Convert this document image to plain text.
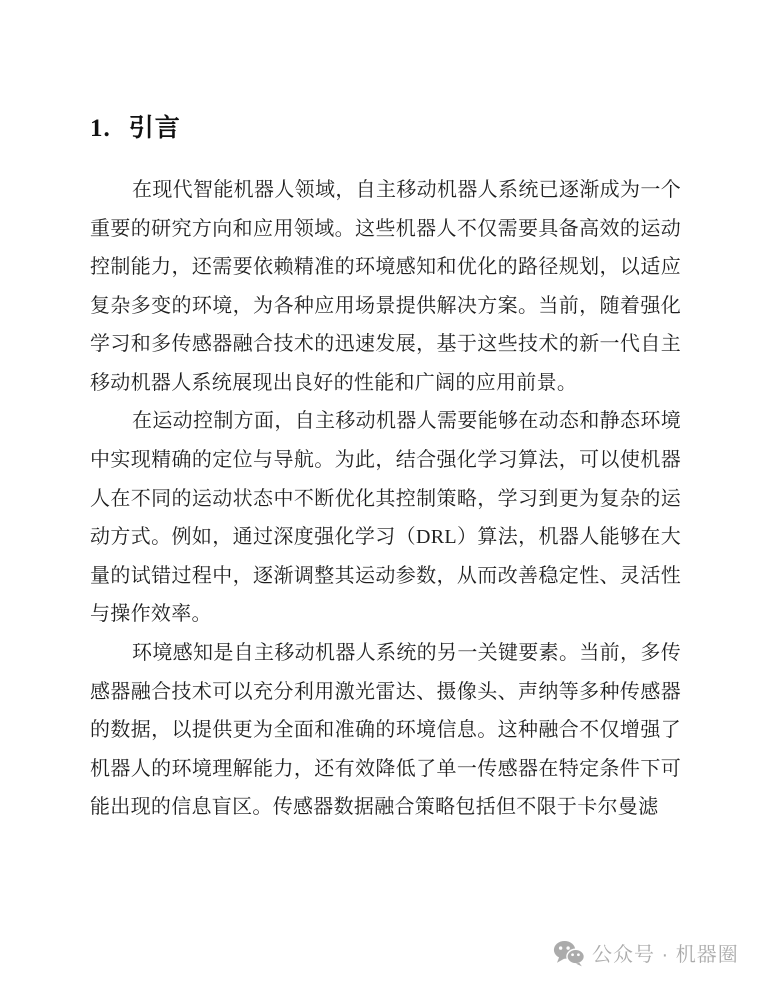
1. 引言
在现代智能机器人领域，自主移动机器人系统已逐渐成为一个
重要的研究方向和应用领域。这些机器人不仅需要具备高效的运动
控制能力，还需要依赖精准的环境感知和优化的路径规划，以适应
复杂多变的环境，为各种应用场景提供解决方案。当前，随着强化
学习和多传感器融合技术的迅速发展，基于这些技术的新一代自主
移动机器人系统展现出良好的性能和广阔的应用前景。
在运动控制方面，自主移动机器人需要能够在动态和静态环境
中实现精确的定位与导航。为此，结合强化学习算法，可以使机器
人在不同的运动状态中不断优化其控制策略，学习到更为复杂的运
动方式。例如，通过深度强化学习（DRL）算法，机器人能够在大
量的试错过程中，逐渐调整其运动参数，从而改善稳定性、灵活性
与操作效率。
环境感知是自主移动机器人系统的另一关键要素。当前，多传
感器融合技术可以充分利用激光雷达、摄像头、声纳等多种传感器
的数据，以提供更为全面和准确的环境信息。这种融合不仅增强了
机器人的环境理解能力，还有效降低了单一传感器在特定条件下可
能出现的信息盲区。传感器数据融合策略包括但不限于卡尔曼滤
公众号 · 机器圈
